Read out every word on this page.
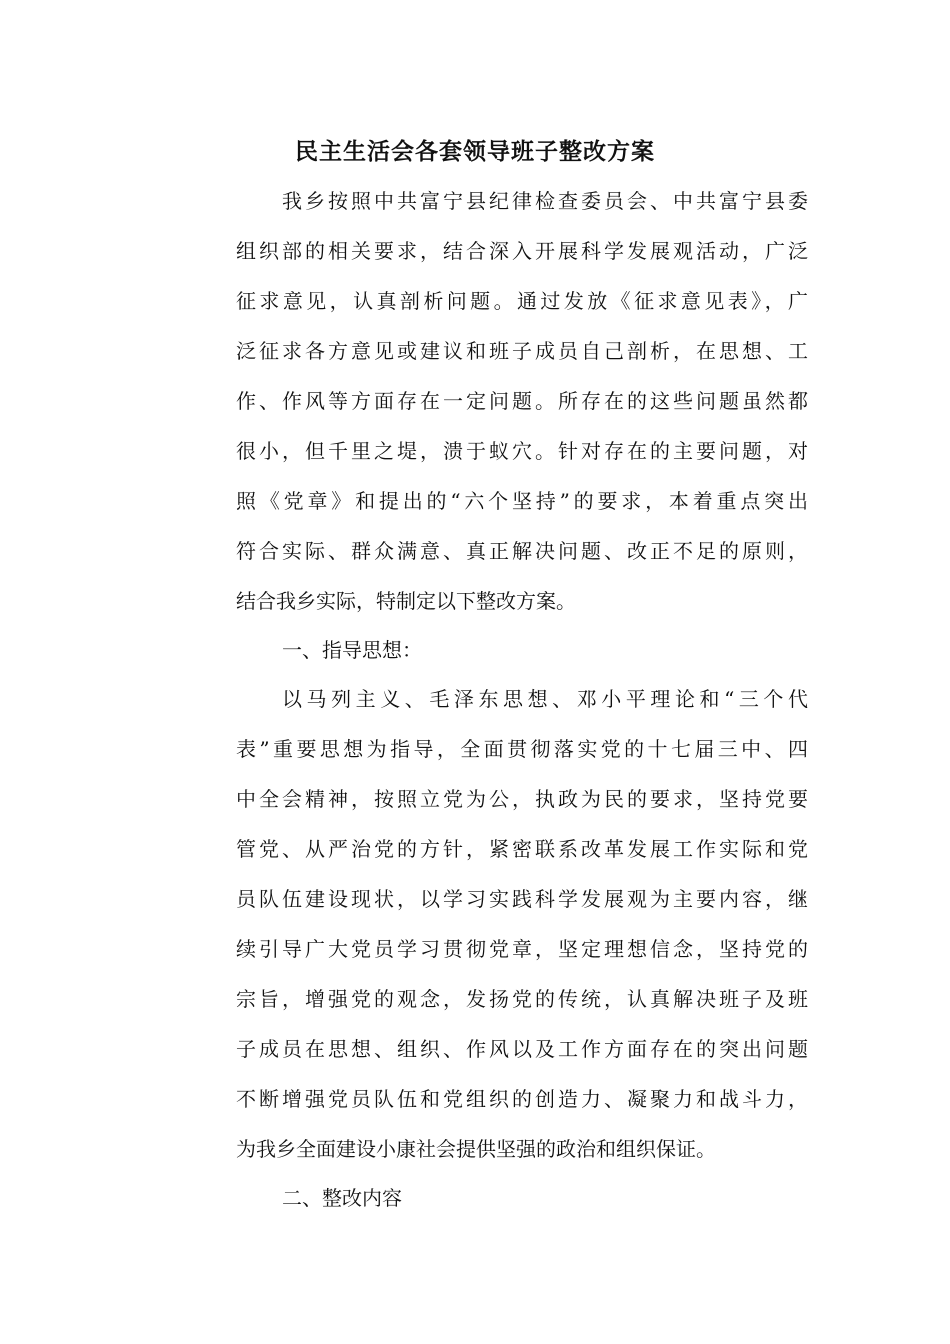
民主生活会各套领导班子整改方案

我乡按照中共富宁县纪律检查委员会、中共富宁县委

组织部的相关要求，结合深入开展科学发展观活动，广泛

征求意见，认真剖析问题。通过发放《征求意见表》，广

泛征求各方意见或建议和班子成员自己剖析，在思想、工

作、作风等方面存在一定问题。所存在的这些问题虽然都

很小，但千里之堤，溃于蚁穴。针对存在的主要问题，对

照《党章》和提出的“六个坚持”的要求，本着重点突出

符合实际、群众满意、真正解决问题、改正不足的原则，

结合我乡实际，特制定以下整改方案。

一、指导思想：

以马列主义、毛泽东思想、邓小平理论和“三个代

表”重要思想为指导，全面贯彻落实党的十七届三中、四

中全会精神，按照立党为公，执政为民的要求，坚持党要

管党、从严治党的方针，紧密联系改革发展工作实际和党

员队伍建设现状，以学习实践科学发展观为主要内容，继

续引导广大党员学习贯彻党章，坚定理想信念，坚持党的

宗旨，增强党的观念，发扬党的传统，认真解决班子及班

子成员在思想、组织、作风以及工作方面存在的突出问题

不断增强党员队伍和党组织的创造力、凝聚力和战斗力，

为我乡全面建设小康社会提供坚强的政治和组织保证。

二、整改内容
